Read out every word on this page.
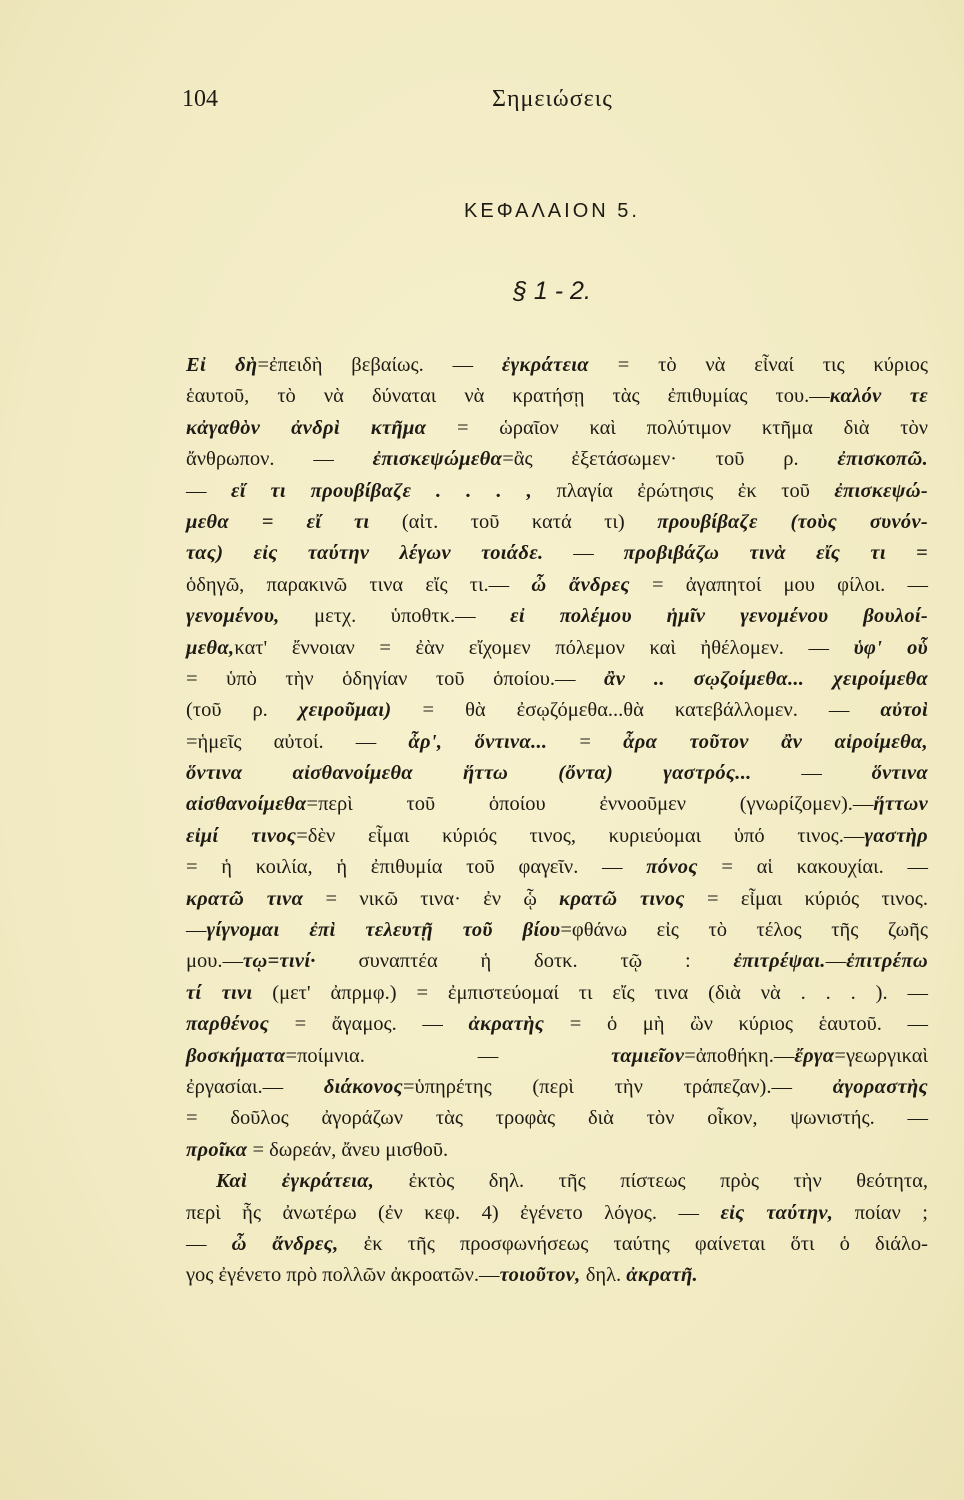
104	Σημειώσεις
ΚΕΦΑΛΑΙΟΝ 5.
§ 1 - 2.
Εἰ δὴ=ἐπειδὴ βεβαίως. — ἐγκράτεια = τὸ νὰ εἶναί τις κύριος
ἑαυτοῦ, τὸ νὰ δύναται νὰ κρατήσῃ τὰς ἐπιθυμίας του.—καλόν τε
κἀγαθὸν ἀνδρὶ κτῆμα = ὡραῖον καὶ πολύτιμον κτῆμα διὰ τὸν
ἄνθρωπον. — ἐπισκεψώμεθα=ἂς ἐξετάσωμεν· τοῦ ρ. ἐπισκοπῶ.
— εἴ τι προυβίβαζε . . . , πλαγία ἐρώτησις ἐκ τοῦ ἐπισκεψώ-
μεθα = εἴ τι (αἰτ. τοῦ κατά τι) προυβίβαζε (τοὺς συνόν-
τας) εἰς ταύτην λέγων τοιάδε. — προβιβάζω τινὰ εἴς τι =
ὁδηγῶ, παρακινῶ τινα εἴς τι.— ὦ ἄνδρες = ἀγαπητοί μου φίλοι. —
γενομένου, μετχ. ὑποθτκ.— εἰ πολέμου ἡμῖν γενομένου βουλοί-
μεθα,κατ' ἔννοιαν = ἐὰν εἴχομεν πόλεμον καὶ ἠθέλομεν. — ὑφ' οὗ
= ὑπὸ τὴν ὁδηγίαν τοῦ ὁποίου.— ἂν .. σῳζοίμεθα... χειροίμεθα
(τοῦ ρ. χειροῦμαι) = θὰ ἐσῳζόμεθα...θὰ κατεβάλλομεν. — αὐτοὶ
=ἡμεῖς αὐτοί. — ἆρ', ὅντινα... = ἆρα τοῦτον ἂν αἱροίμεθα,
ὅντινα αἰσθανοίμεθα ἥττω (ὄντα) γαστρός... — ὅντινα
αἰσθανοίμεθα=περὶ τοῦ ὁποίου ἐννοοῦμεν (γνωρίζομεν).—ἥττων
εἰμί τινος=δὲν εἶμαι κύριός τινος, κυριεύομαι ὑπό τινος.—γαστὴρ
= ἡ κοιλία, ἡ ἐπιθυμία τοῦ φαγεῖν. — πόνος = αἱ κακουχίαι. —
κρατῶ τινα = νικῶ τινα· ἐν ᾧ κρατῶ τινος = εἶμαι κύριός τινος.
—γίγνομαι ἐπὶ τελευτῇ τοῦ βίου=φθάνω εἰς τὸ τέλος τῆς ζωῆς
μου.—τῳ=τινί· συναπτέα ἡ δοτκ. τῷ : ἐπιτρέψαι.—ἐπιτρέπω
τί τινι (μετ' ἀπρμφ.) = ἐμπιστεύομαί τι εἴς τινα (διὰ νὰ . . . ). —
παρθένος = ἄγαμος. — ἀκρατὴς = ὁ μὴ ὢν κύριος ἑαυτοῦ. —
βοσκήματα=ποίμνια. — ταμιεῖον=ἀποθήκη.—ἔργα=γεωργικαὶ
ἐργασίαι.— διάκονος=ὑπηρέτης (περὶ τὴν τράπεζαν).— ἀγοραστὴς
= δοῦλος ἀγοράζων τὰς τροφὰς διὰ τὸν οἶκον, ψωνιστής. —
προῖκα = δωρεάν, ἄνευ μισθοῦ.
Καὶ ἐγκράτεια, ἐκτὸς δηλ. τῆς πίστεως πρὸς τὴν θεότητα,
περὶ ἧς ἀνωτέρω (ἐν κεφ. 4) ἐγένετο λόγος. — εἰς ταύτην, ποίαν ;
— ὦ ἄνδρες, ἐκ τῆς προσφωνήσεως ταύτης φαίνεται ὅτι ὁ διάλο-
γος ἐγένετο πρὸ πολλῶν ἀκροατῶν.—τοιοῦτον, δηλ. ἀκρατῆ.
